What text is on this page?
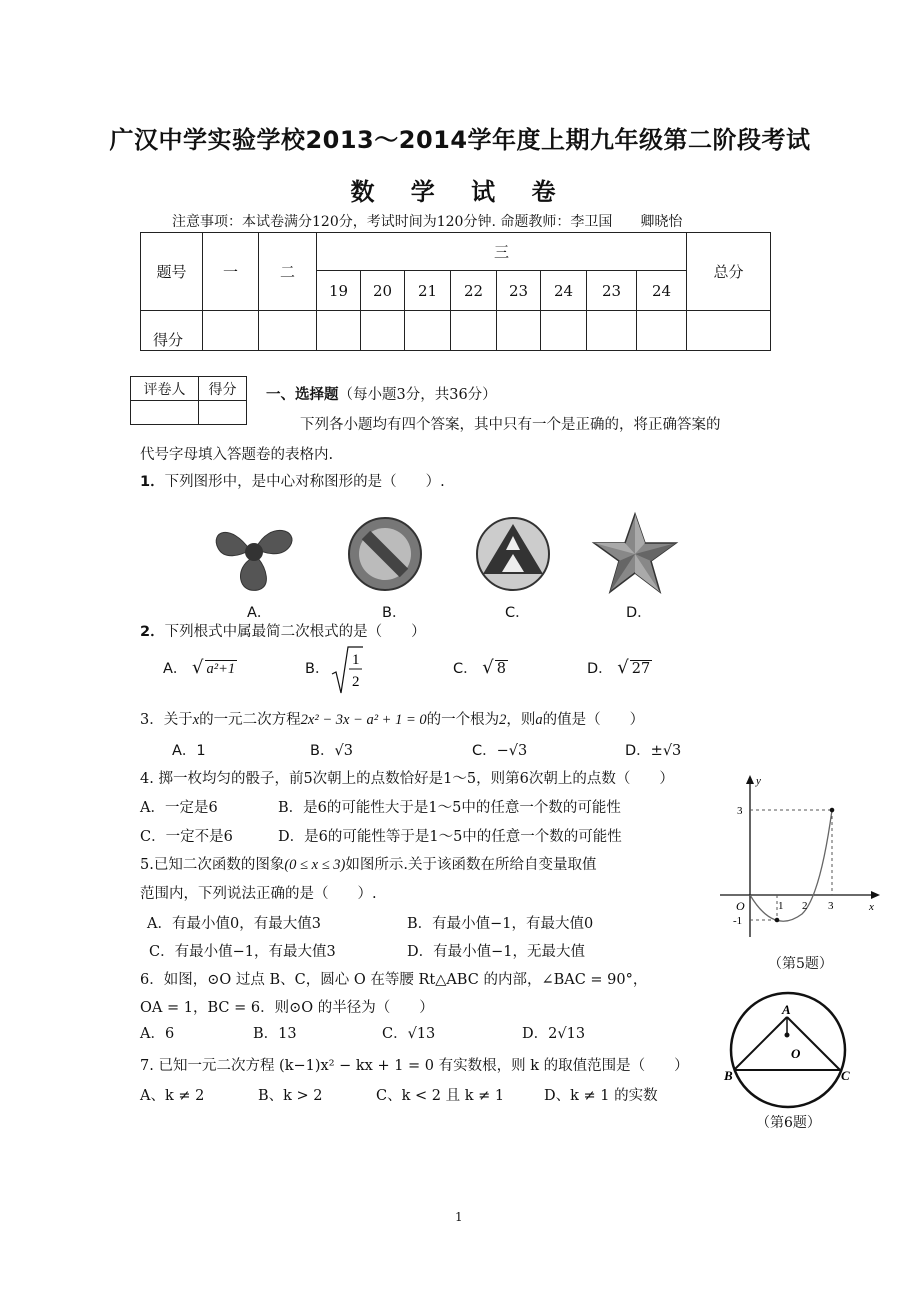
广汉中学实验学校2013～2014学年度上期九年级第二阶段考试
数 学 试 卷
注意事项：本试卷满分120分，考试时间为120分钟. 命题教师：李卫国　　卿晓怡
题号	一	二	三								总分
			19	20	21	22	23	24	23	24	
得分											
评卷人	得分
	一、选择题（每小题3分，共36分）
下列各小题均有四个答案，其中只有一个是正确的，将正确答案的
代号字母填入答题卷的表格内.
1．下列图形中，是中心对称图形的是（　　）.
A．	B．	C．	D．
2．下列根式中属最简二次根式的是（　　）
A． √ a²+1	B．
1
2
C． √ 8	D． √ 27
3．关于x的一元二次方程2x² − 3x − a² + 1 = 0的一个根为2，则a的值是（　　）
A．1	B．√3	C．−√3	D．±√3
4. 掷一枚均匀的骰子，前5次朝上的点数恰好是1～5，则第6次朝上的点数（　　）
A．一定是6	B．是6的可能性大于是1～5中的任意一个数的可能性
C．一定不是6	D．是6的可能性等于是1～5中的任意一个数的可能性
5.已知二次函数的图象(0 ≤ x ≤ 3)如图所示.关于该函数在所给自变量取值
范围内，下列说法正确的是（　　）.
A．有最小值0，有最大值3	B．有最小值−1，有最大值0
C．有最小值−1，有最大值3	D．有最小值−1，无最大值
y
x
O	1 2 3
3
-1
（第5题）
6．如图，⊙O 过点 B、C，圆心 O 在等腰 Rt△ABC 的内部，∠BAC = 90°，
OA = 1，BC = 6．则⊙O 的半径为（　　）
A．6	B．13	C．√13	D．2√13
A
O
B	C
（第6题）
7. 已知一元二次方程 (k−1)x² − kx + 1 = 0 有实数根，则 k 的取值范围是（　　）
A、k ≠ 2	B、k > 2	C、k < 2 且 k ≠ 1	D、k ≠ 1 的实数
1
